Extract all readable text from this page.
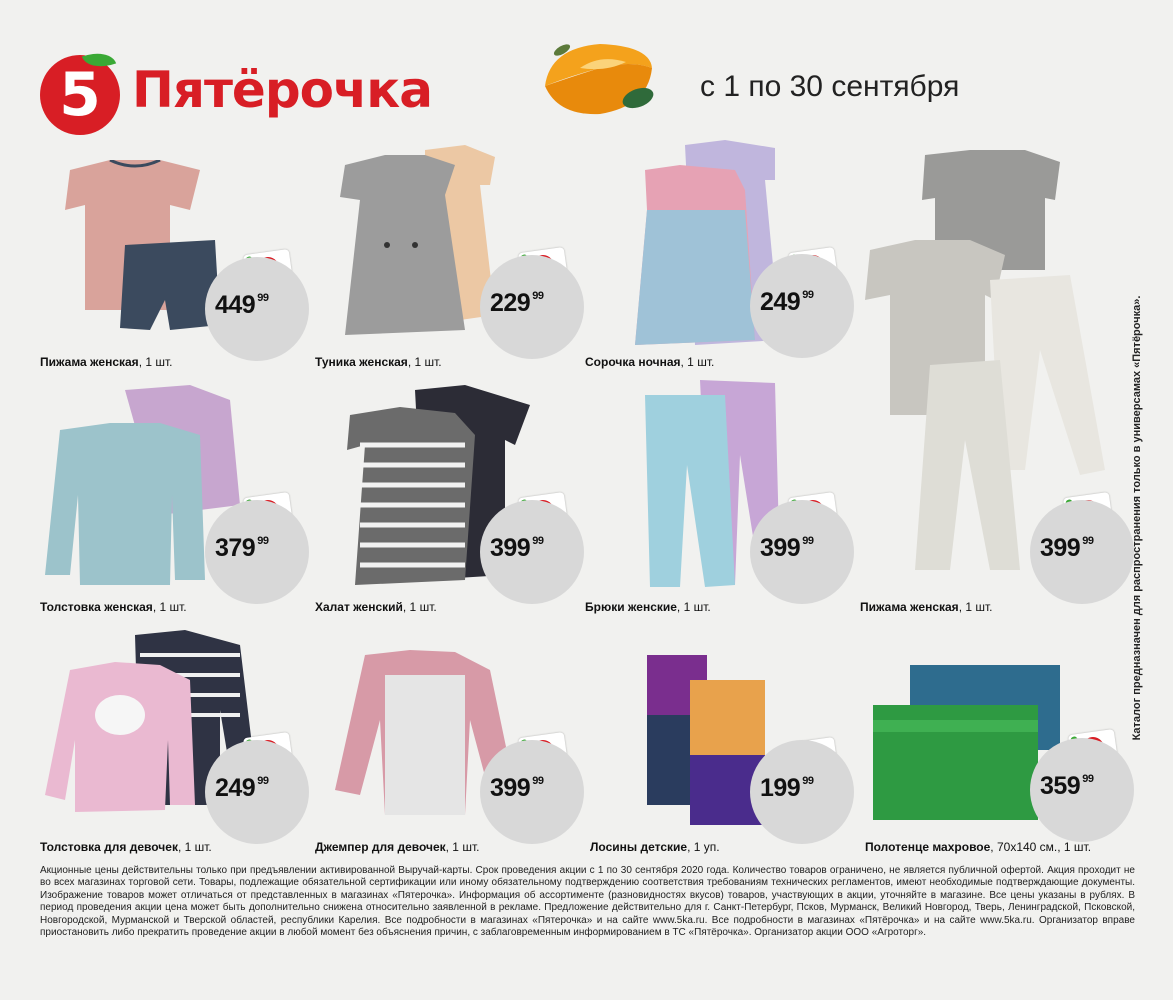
5 Пятёрочка	с 1 по 30 сентября
449 $^{99}$
Пижама женская, 1 шт.
229 $^{99}$
Туника женская, 1 шт.
249 $^{99}$
Сорочка ночная, 1 шт.
399 $^{99}$
Пижама женская, 1 шт.
379 $^{99}$
Толстовка женская, 1 шт.
399 $^{99}$
Халат женский, 1 шт.
399 $^{99}$
Брюки женские, 1 шт.
249 $^{99}$
Толстовка для девочек, 1 шт.
399 $^{99}$
Джемпер для девочек, 1 шт.
199 $^{99}$
Лосины детские, 1 уп.
359 $^{99}$
Полотенце махровое, 70х140 см., 1 шт.
Каталог предназначен для распространения только в универсамах «Пятёрочка».
Акционные цены действительны только при предъявлении активированной Выручай-карты. Срок проведения акции с 1 по 30 сентября 2020 года. Количество товаров ограничено, не является публичной офертой. Акция проходит не во всех магазинах торговой сети. Товары, подлежащие обязательной сертификации или иному обязательному подтверждению соответствия требованиям технических регламентов, имеют необходимые подтверждающие документы. Изображение товаров может отличаться от представленных в магазинах «Пятерочка». Информация об ассортименте (разновидностях вкусов) товаров, участвующих в акции, уточняйте в магазине. Все цены указаны в рублях. В период проведения акции цена может быть дополнительно снижена относительно заявленной в рекламе. Предложение действительно для г. Санкт-Петербург, Псков, Мурманск, Великий Новгород, Тверь, Ленинградской, Псковской, Новгородской, Мурманской и Тверской областей, республики Карелия. Все подробности в магазинах «Пятерочка» и на сайте www.5ka.ru. Все подробности в магазинах «Пятёрочка» и на сайте www.5ka.ru. Организатор вправе приостановить либо прекратить проведение акции в любой момент без объяснения причин, с заблаговременным информированием в ТС «Пятёрочка». Организатор акции ООО «Агроторг».
